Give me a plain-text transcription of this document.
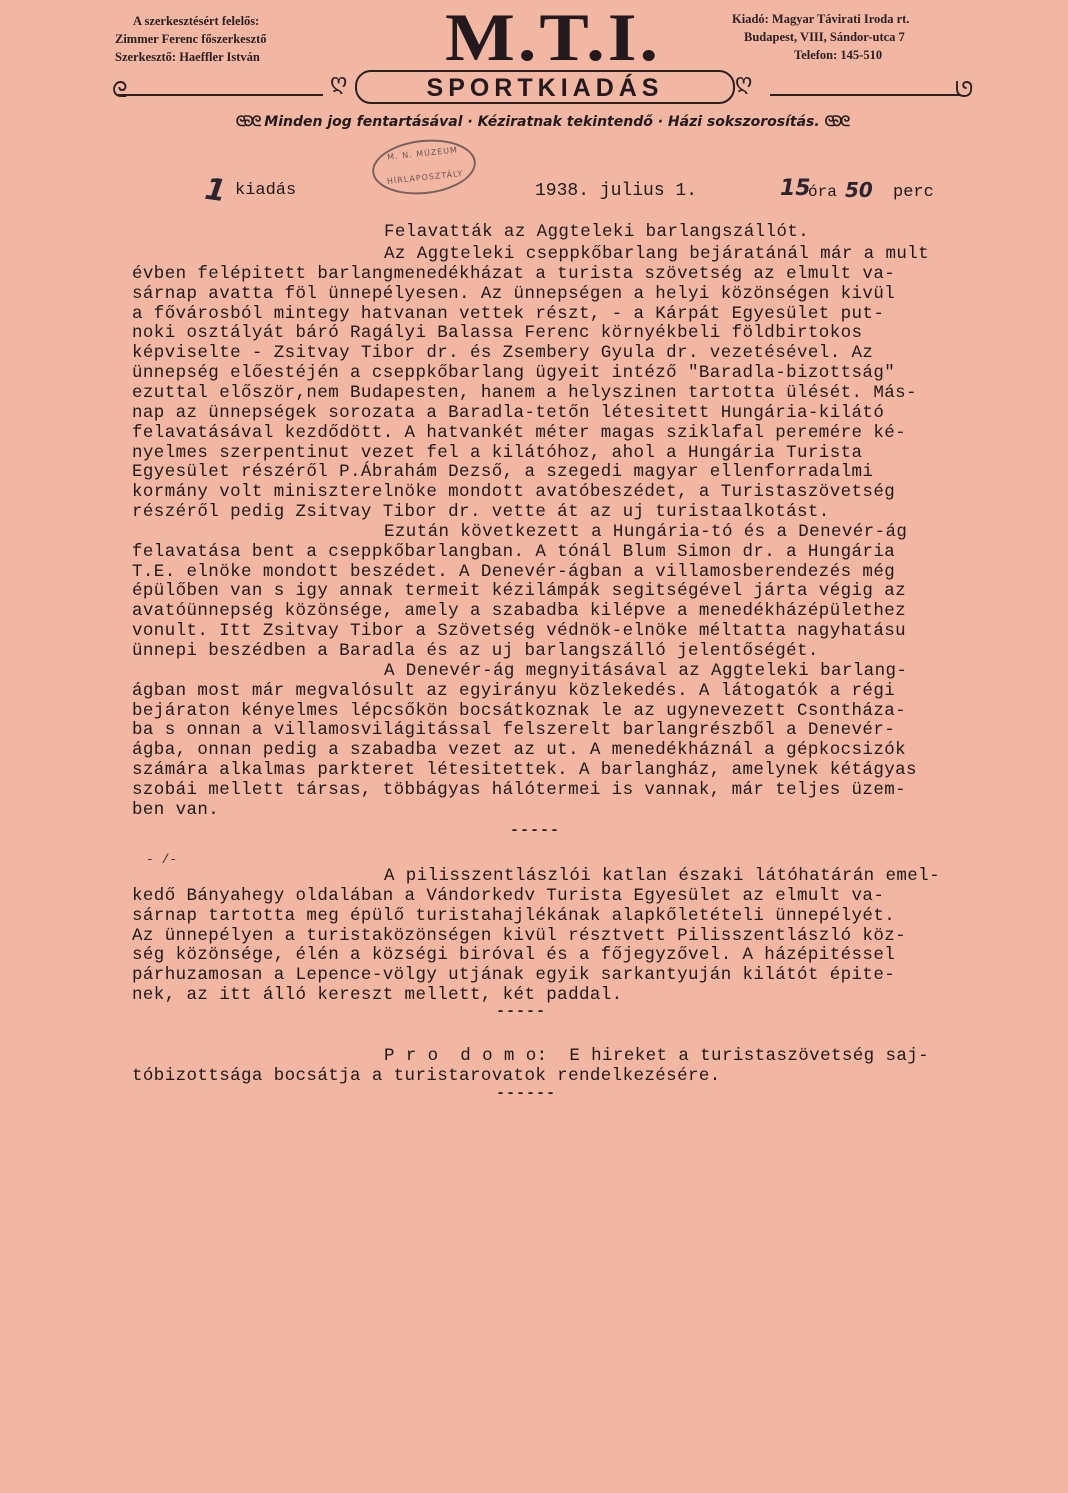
A szerkesztésért felelős:
Zimmer Ferenc főszerkesztő
Szerkesztő: Haeffler István	M.T.I.	Kiadó: Magyar Távirati Iroda rt.
Budapest, VIII, Sándor-utca 7
Telefon: 145-510
ᘓ	ᘎ
ღ	ღ
SPORTKIADÁS
ᘓᘐᘓ Minden jog fentartásával · Kéziratnak tekintendő · Házi sokszorosítás. ᘓᘐᘓ
M. N. MÚZEUM
HÍRLAPOSZTÁLY
1 kiadás	1938. julius 1.	15
óra 50 perc
Felavatták az Aggteleki barlangszállót.
Az Aggteleki cseppkőbarlang bejáratánál már a mult
évben felépitett barlangmenedékházat a turista szövetség az elmult va-
sárnap avatta föl ünnepélyesen. Az ünnepségen a helyi közönségen kivül
a fővárosból mintegy hatvanan vettek részt, - a Kárpát Egyesület put-
noki osztályát báró Ragályi Balassa Ferenc környékbeli földbirtokos
képviselte - Zsitvay Tibor dr. és Zsembery Gyula dr. vezetésével. Az
ünnepség előestéjén a cseppkőbarlang ügyeit intéző "Baradla-bizottság"
ezuttal először,nem Budapesten, hanem a helyszinen tartotta ülését. Más-
nap az ünnepségek sorozata a Baradla-tetőn létesitett Hungária-kilátó
felavatásával kezdődött. A hatvankét méter magas sziklafal peremére ké-
nyelmes szerpentinut vezet fel a kilátóhoz, ahol a Hungária Turista
Egyesület részéről P.Ábrahám Dezső, a szegedi magyar ellenforradalmi
kormány volt miniszterelnöke mondott avatóbeszédet, a Turistaszövetség
részéről pedig Zsitvay Tibor dr. vette át az uj turistaalkotást.
Ezután következett a Hungária-tó és a Denevér-ág
felavatása bent a cseppkőbarlangban. A tónál Blum Simon dr. a Hungária
T.E. elnöke mondott beszédet. A Denevér-ágban a villamosberendezés még
épülőben van s igy annak termeit kézilámpák segitségével járta végig az
avatóünnepség közönsége, amely a szabadba kilépve a menedékházépülethez
vonult. Itt Zsitvay Tibor a Szövetség védnök-elnöke méltatta nagyhatásu
ünnepi beszédben a Baradla és az uj barlangszálló jelentőségét.
A Denevér-ág megnyitásával az Aggteleki barlang-
ágban most már megvalósult az egyirányu közlekedés. A látogatók a régi
bejáraton kényelmes lépcsőkön bocsátkoznak le az ugynevezett Csontháza-
ba s onnan a villamosvilágitással felszerelt barlangrészből a Denevér-
ágba, onnan pedig a szabadba vezet az ut. A menedékháznál a gépkocsizók
számára alkalmas parkteret létesitettek. A barlangház, amelynek kétágyas
szobái mellett társas, többágyas hálótermei is vannak, már teljes üzem-
ben van.
-----
- /-
A pilisszentlászlói katlan északi látóhatárán emel-
kedő Bányahegy oldalában a Vándorkedv Turista Egyesület az elmult va-
sárnap tartotta meg épülő turistahajlékának alapkőletételi ünnepélyét.
Az ünnepélyen a turistaközönségen kivül résztvett Pilisszentlászló köz-
ség közönsége, élén a községi biróval és a főjegyzővel. A házépitéssel
párhuzamosan a Lepence-völgy utjának egyik sarkantyuján kilátót épite-
nek, az itt álló kereszt mellett, két paddal.
-----
P r o  d o m o:  E hireket a turistaszövetség saj-
tóbizottsága bocsátja a turistarovatok rendelkezésére.
------
